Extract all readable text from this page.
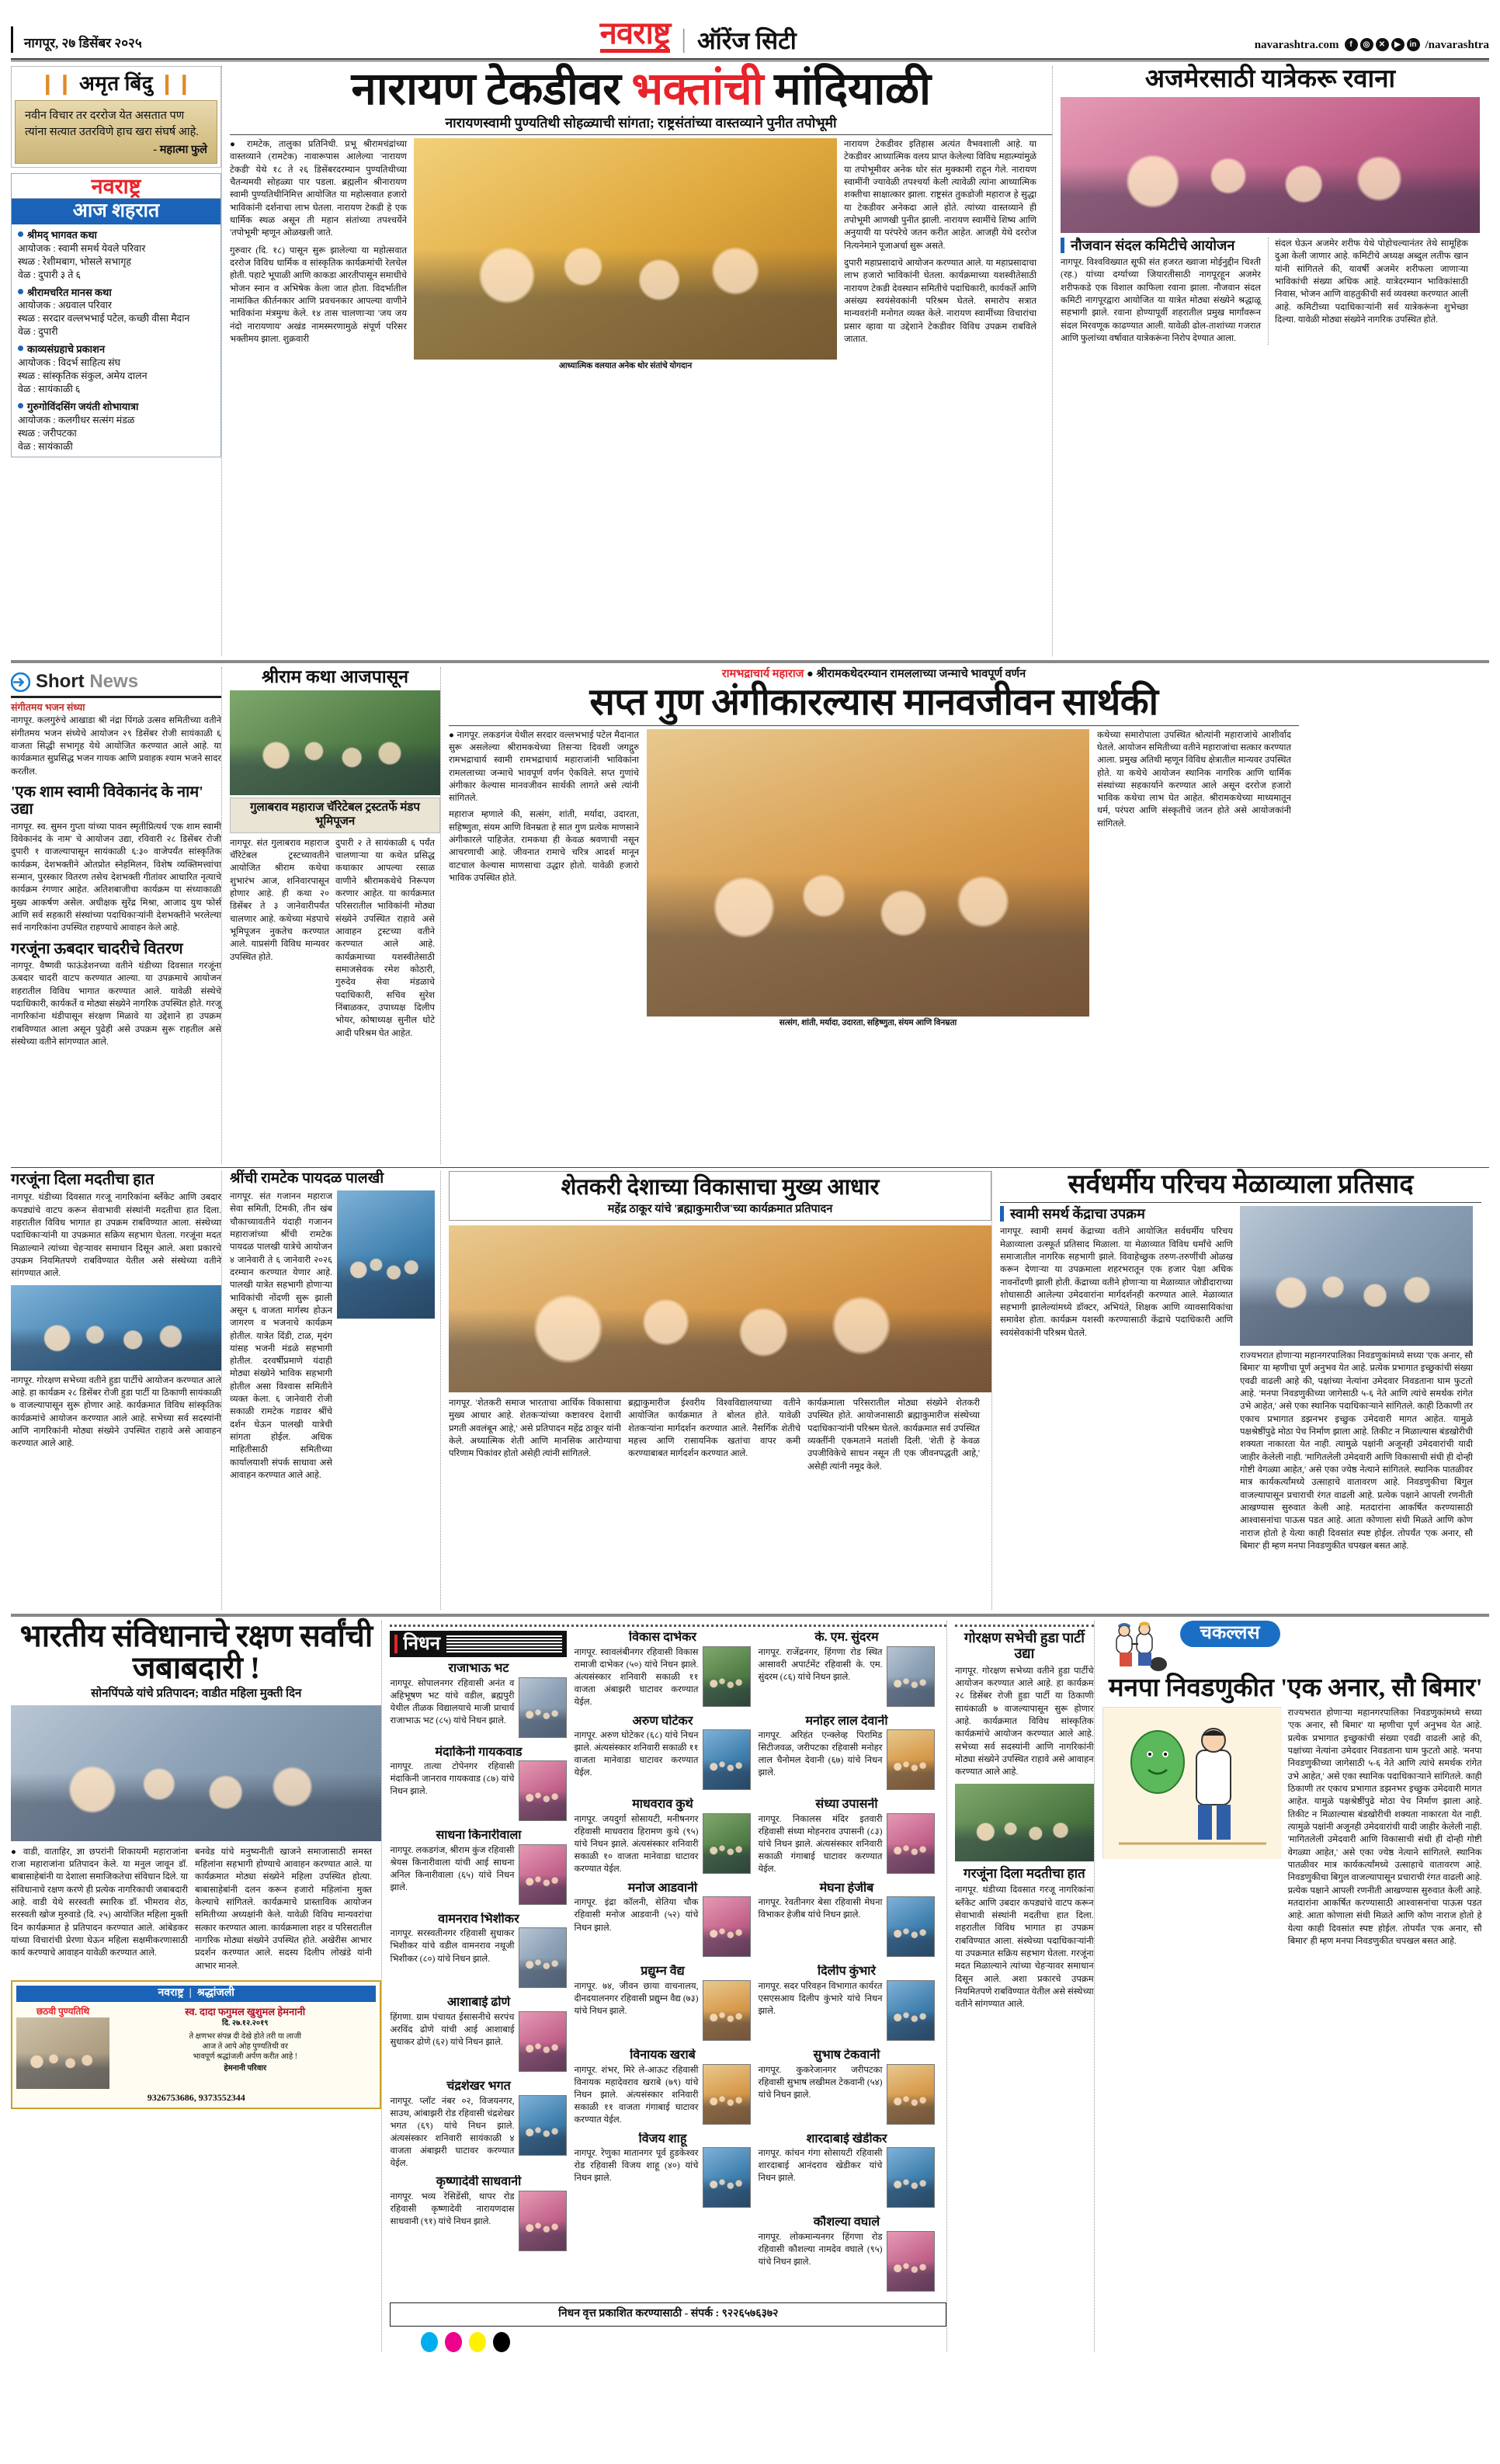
नागपूर, २७ डिसेंबर २०२५	नवराष्ट्र | ऑरेंज सिटी	navarashtra.com	f	◎	✕	▶	in /navarashtra
❙❙ अमृत बिंदु ❙❙
नवीन विचार तर दररोज येत असतात पण त्यांना सत्यात उतरविणे हाच खरा संघर्ष आहे.
- महात्मा फुले
नवराष्ट्र
आज शहरात
श्रीमद् भागवत कथा
आयोजक : स्वामी समर्थ येवले परिवार
स्थळ : रेशीमबाग, भोसले सभागृह
वेळ : दुपारी ३ ते ६
श्रीरामचरित मानस कथा
आयोजक : अग्रवाल परिवार
स्थळ : सरदार वल्लभभाई पटेल, कच्छी वीसा मैदान
वेळ : दुपारी
काव्यसंग्रहाचे प्रकाशन
आयोजक : विदर्भ साहित्य संघ
स्थळ : सांस्कृतिक संकुल, अमेय दालन
वेळ : सायंकाळी ६
गुरुगोविंदसिंग जयंती शोभायात्रा
आयोजक : कलगीधर सत्संग मंडळ
स्थळ : जरीपटका
वेळ : सायंकाळी
नारायण टेकडीवर भक्तांची मांदियाळी
नारायणस्वामी पुण्यतिथी सोहळ्याची सांगता; राष्ट्रसंतांच्या वास्तव्याने पुनीत तपोभूमी

● रामटेक, तालुका प्रतिनिधी. प्रभू श्रीरामचंद्रांच्या वास्तव्याने (रामटेक) नावारूपास आलेल्या 'नारायण टेकडी' येथे १८ ते २६ डिसेंबरदरम्यान पुण्यतिथीच्या चैतन्यमयी सोहळ्या पार पडला. ब्रह्मलीन श्रीनारायण स्वामी पुण्यतिथीनिमित्त आयोजित या महोत्सवात हजारो भाविकांनी दर्शनाचा लाभ घेतला. नारायण टेकडी हे एक धार्मिक स्थळ असून ती महान संतांच्या तपश्चर्येने 'तपोभूमी' म्हणून ओळखली जाते.

गुरुवार (दि. १८) पासून सुरू झालेल्या या महोत्सवात दररोज विविध धार्मिक व सांस्कृतिक कार्यक्रमांची रेलचेल होती. पहाटे भूपाळी आणि काकडा आरतीपासून समाधीचे भोजन स्नान व अभिषेक केला जात होता. विदर्भातील नामांकित कीर्तनकार आणि प्रवचनकार आपल्या वाणीने भाविकांना मंत्रमुग्ध केले. १४ तास चालणाऱ्या 'जय जय नंदो नारायणाय' अखंड नामस्मरणामुळे संपूर्ण परिसर भक्तीमय झाला. शुक्रवारी

आध्यात्मिक वलयात अनेक थोर संतांचे योगदान

नारायण टेकडीवर इतिहास अत्यंत वैभवशाली आहे. या टेकडीवर आध्यात्मिक वलय प्राप्त केलेल्या विविध महात्म्यांमुळे या तपोभूमीवर अनेक थोर संत मुक्कामी राहून गेले. नारायण स्वामींनी ज्यावेळी तपश्चर्या केली त्यावेळी त्यांना आध्यात्मिक शक्तीचा साक्षात्कार झाला. राष्ट्रसंत तुकडोजी महाराज हे सुद्धा या टेकडीवर अनेकदा आले होते. त्यांच्या वास्तव्याने ही तपोभूमी आणखी पुनीत झाली. नारायण स्वामींचे शिष्य आणि अनुयायी या परंपरेचे जतन करीत आहेत. आजही येथे दररोज नित्यनेमाने पूजाअर्चा सुरू असते.

दुपारी महाप्रसादाचे आयोजन करण्यात आले. या महाप्रसादाचा लाभ हजारो भाविकांनी घेतला. कार्यक्रमाच्या यशस्वीतेसाठी नारायण टेकडी देवस्थान समितीचे पदाधिकारी, कार्यकर्ते आणि असंख्य स्वयंसेवकांनी परिश्रम घेतले. समारोप सत्रात मान्यवरांनी मनोगत व्यक्त केले. नारायण स्वामींच्या विचारांचा प्रसार व्हावा या उद्देशाने टेकडीवर विविध उपक्रम राबविले जातात.

अजमेरसाठी यात्रेकरू रवाना
नौजवान संदल कमिटीचे आयोजन

नागपूर. विश्वविख्यात सूफी संत हजरत ख्वाजा मोईनुद्दीन चिश्ती (रह.) यांच्या दर्ग्याच्या जियारतीसाठी नागपूरहून अजमेर शरीफकडे एक विशाल काफिला रवाना झाला. नौजवान संदल कमिटी नागपूरद्वारा आयोजित या यात्रेत मोठ्या संख्येने श्रद्धाळू सहभागी झाले. रवाना होण्यापूर्वी शहरातील प्रमुख मार्गांवरून संदल मिरवणूक काढण्यात आली. यावेळी ढोल-ताशांच्या गजरात आणि फुलांच्या वर्षावात यात्रेकरूंना निरोप देण्यात आला.

संदल घेऊन अजमेर शरीफ येथे पोहोचल्यानंतर तेथे सामूहिक दुआ केली जाणार आहे. कमिटीचे अध्यक्ष अब्दुल लतीफ खान यांनी सांगितले की, यावर्षी अजमेर शरीफला जाणाऱ्या भाविकांची संख्या अधिक आहे. यात्रेदरम्यान भाविकांसाठी निवास, भोजन आणि वाहतुकीची सर्व व्यवस्था करण्यात आली आहे. कमिटीच्या पदाधिकाऱ्यांनी सर्व यात्रेकरूंना शुभेच्छा दिल्या. यावेळी मोठ्या संख्येने नागरिक उपस्थित होते.

Short News
संगीतमय भजन संध्या

नागपूर. कलगुरुंचे आखाडा श्री नंद्रा पिंगळे उत्सव समितीच्या वतीने संगीतमय भजन संध्येचे आयोजन २९ डिसेंबर रोजी सायंकाळी ६ वाजता सिद्धी सभागृह येथे आयोजित करण्यात आले आहे. या कार्यक्रमात सुप्रसिद्ध भजन गायक आणि प्रवाहक श्याम भजने सादर करतील.

'एक शाम स्वामी विवेकानंद के नाम' उद्या

नागपूर. स्व. सुमन गुप्ता यांच्या पावन स्मृतीप्रित्यर्थ 'एक शाम स्वामी विवेकानंद के नाम' चे आयोजन उद्या, रविवारी २८ डिसेंबर रोजी दुपारी १ वाजल्यापासून सायंकाळी ६:३० वाजेपर्यंत सांस्कृतिक कार्यक्रम, देशभक्तीने ओतप्रोत स्नेहमिलन, विशेष व्यक्तिमत्त्वांचा सन्मान, पुरस्कार वितरण तसेच देशभक्ती गीतांवर आधारित नृत्याचे कार्यक्रम रंगणार आहेत. अतिशबाजीचा कार्यक्रम या संध्याकाळी मुख्य आकर्षण असेल. अधीक्षक सुरेंद्र मिश्रा, आजाद युथ फोर्स आणि सर्व सहकारी संस्थांच्या पदाधिकाऱ्यांनी देशभक्तीने भरलेल्या सर्व नागरिकांना उपस्थित राहण्याचे आवाहन केले आहे.

गरजूंना ऊबदार चादरीचे वितरण

नागपूर. वैष्णवी फाऊंडेशनच्या वतीने थंडीच्या दिवसात गरजूंना ऊबदार चादरी वाटप करण्यात आल्या. या उपक्रमाचे आयोजन शहरातील विविध भागात करण्यात आले. यावेळी संस्थेचे पदाधिकारी, कार्यकर्ते व मोठ्या संख्येने नागरिक उपस्थित होते. गरजू नागरिकांना थंडीपासून संरक्षण मिळावे या उद्देशाने हा उपक्रम राबविण्यात आला असून पुढेही असे उपक्रम सुरू राहतील असे संस्थेच्या वतीने सांगण्यात आले.

श्रीराम कथा आजपासून
गुलाबराव महाराज चॅरिटेबल ट्रस्टतर्फे मंडप भूमिपूजन

नागपूर. संत गुलाबराव महाराज चॅरिटेबल ट्रस्टच्यावतीने आयोजित श्रीराम कथेचा शुभारंभ आज, शनिवारपासून होणार आहे. ही कथा २० डिसेंबर ते ३ जानेवारीपर्यंत चालणार आहे. कथेच्या मंडपाचे भूमिपूजन नुकतेच करण्यात आले. याप्रसंगी विविध मान्यवर उपस्थित होते.

दुपारी २ ते सायंकाळी ६ पर्यंत चालणाऱ्या या कथेत प्रसिद्ध कथाकार आपल्या रसाळ वाणीने श्रीरामकथेचे निरूपण करणार आहेत. या कार्यक्रमात परिसरातील भाविकांनी मोठ्या संख्येने उपस्थित राहावे असे आवाहन ट्रस्टच्या वतीने करण्यात आले आहे. कार्यक्रमाच्या यशस्वीतेसाठी समाजसेवक रमेश कोठारी, गुरुदेव सेवा मंडळाचे पदाधिकारी, सचिव सुरेश निंबाळकर, उपाध्यक्ष दिलीप भोयर, कोषाध्यक्ष सुनील धोटे आदी परिश्रम घेत आहेत.

रामभद्राचार्य महाराज ● श्रीरामकथेदरम्यान रामललाच्या जन्माचे भावपूर्ण वर्णन
सप्त गुण अंगीकारल्यास मानवजीवन सार्थकी

● नागपूर. लकडगंज येथील सरदार वल्लभभाई पटेल मैदानात सुरू असलेल्या श्रीरामकथेच्या तिसऱ्या दिवशी जगद्गुरु रामभद्राचार्य स्वामी रामभद्राचार्य महाराजांनी भाविकांना रामललाच्या जन्माचे भावपूर्ण वर्णन ऐकविले. सप्त गुणांचे अंगीकार केल्यास मानवजीवन सार्थकी लागते असे त्यांनी सांगितले.

महाराज म्हणाले की, सत्संग, शांती, मर्यादा, उदारता, सहिष्णुता, संयम आणि विनम्रता हे सात गुण प्रत्येक माणसाने अंगीकारले पाहिजेत. रामकथा ही केवळ श्रवणाची नसून आचरणाची आहे. जीवनात रामाचे चरित्र आदर्श मानून वाटचाल केल्यास माणसाचा उद्धार होतो. यावेळी हजारो भाविक उपस्थित होते.

सत्संग, शांती, मर्यादा, उदारता, सहिष्णुता, संयम आणि विनम्रता

कथेच्या समारोपाला उपस्थित श्रोत्यांनी महाराजांचे आशीर्वाद घेतले. आयोजन समितीच्या वतीने महाराजांचा सत्कार करण्यात आला. प्रमुख अतिथी म्हणून विविध क्षेत्रातील मान्यवर उपस्थित होते. या कथेचे आयोजन स्थानिक नागरिक आणि धार्मिक संस्थांच्या सहकार्याने करण्यात आले असून दररोज हजारो भाविक कथेचा लाभ घेत आहेत. श्रीरामकथेच्या माध्यमातून धर्म, परंपरा आणि संस्कृतीचे जतन होते असे आयोजकांनी सांगितले.

गरजूंना दिला मदतीचा हात

नागपूर. थंडीच्या दिवसात गरजू नागरिकांना ब्लँकेट आणि उबदार कपड्यांचे वाटप करून सेवाभावी संस्थांनी मदतीचा हात दिला. शहरातील विविध भागात हा उपक्रम राबविण्यात आला. संस्थेच्या पदाधिकाऱ्यांनी या उपक्रमात सक्रिय सहभाग घेतला. गरजूंना मदत मिळाल्याने त्यांच्या चेहऱ्यावर समाधान दिसून आले. अशा प्रकारचे उपक्रम नियमितपणे राबविण्यात येतील असे संस्थेच्या वतीने सांगण्यात आले.

नागपूर. गोरक्षण सभेच्या वतीने हुडा पार्टीचे आयोजन करण्यात आले आहे. हा कार्यक्रम २८ डिसेंबर रोजी हुडा पार्टी या ठिकाणी सायंकाळी ७ वाजल्यापासून सुरू होणार आहे. कार्यक्रमात विविध सांस्कृतिक कार्यक्रमांचे आयोजन करण्यात आले आहे. सभेच्या सर्व सदस्यांनी आणि नागरिकांनी मोठ्या संख्येने उपस्थित राहावे असे आवाहन करण्यात आले आहे.

श्रींची रामटेक पायदळ पालखी

नागपूर. संत गजानन महाराज सेवा समिती, टिमकी, तीन खंब चौकाच्यावतीने यंदाही गजानन महाराजांच्या श्रींची रामटेक पायदळ पालखी यात्रेचे आयोजन ४ जानेवारी ते ६ जानेवारी २०२६ दरम्यान करण्यात येणार आहे. पालखी यात्रेत सहभागी होणाऱ्या भाविकांची नोंदणी सुरू झाली असून ६ वाजता मार्गस्थ होऊन जागरण व भजनाचे कार्यक्रम होतील. यात्रेत दिंडी, टाळ, मृदंग यांसह भजनी मंडळे सहभागी होतील. दरवर्षीप्रमाणे यंदाही मोठ्या संख्येने भाविक सहभागी होतील असा विश्वास समितीने व्यक्त केला. ६ जानेवारी रोजी सकाळी रामटेक गडावर श्रींचे दर्शन घेऊन पालखी यात्रेची सांगता होईल. अधिक माहितीसाठी समितीच्या कार्यालयाशी संपर्क साधावा असे आवाहन करण्यात आले आहे.

शेतकरी देशाच्या विकासाचा मुख्य आधार
महेंद्र ठाकूर यांचे 'ब्रह्माकुमारीज'च्या कार्यक्रमात प्रतिपादन

नागपूर. 'शेतकरी समाज भारताचा आर्थिक विकासाचा मुख्य आधार आहे. शेतकऱ्यांच्या कष्टावरच देशाची प्रगती अवलंबून आहे,' असे प्रतिपादन महेंद्र ठाकूर यांनी केले. अध्यात्मिक शेती आणि मानसिक आरोग्याचा परिणाम पिकांवर होतो असेही त्यांनी सांगितले.

ब्रह्माकुमारीज ईश्वरीय विश्वविद्यालयाच्या वतीने आयोजित कार्यक्रमात ते बोलत होते. यावेळी शेतकऱ्यांना मार्गदर्शन करण्यात आले. नैसर्गिक शेतीचे महत्त्व आणि रासायनिक खतांचा वापर कमी करण्याबाबत मार्गदर्शन करण्यात आले.

कार्यक्रमाला परिसरातील मोठ्या संख्येने शेतकरी उपस्थित होते. आयोजनासाठी ब्रह्माकुमारीज संस्थेच्या पदाधिकाऱ्यांनी परिश्रम घेतले. कार्यक्रमात सर्व उपस्थित व्यक्तींनी एकमताने मतांशी दिली. 'शेती हे केवळ उपजीविकेचे साधन नसून ती एक जीवनपद्धती आहे,' असेही त्यांनी नमूद केले.

सर्वधर्मीय परिचय मेळाव्याला प्रतिसाद
स्वामी समर्थ केंद्राचा उपक्रम

नागपूर. स्वामी समर्थ केंद्राच्या वतीने आयोजित सर्वधर्मीय परिचय मेळाव्याला उत्स्फूर्त प्रतिसाद मिळाला. या मेळाव्यात विविध धर्मांचे आणि समाजातील नागरिक सहभागी झाले. विवाहेच्छुक तरुण-तरुणींची ओळख करून देणाऱ्या या उपक्रमाला शहरभरातून एक हजार पेक्षा अधिक नावनोंदणी झाली होती. केंद्राच्या वतीने होणाऱ्या या मेळाव्यात जोडीदाराच्या शोधासाठी आलेल्या उमेदवारांना मार्गदर्शनही करण्यात आले. मेळाव्यात सहभागी झालेल्यांमध्ये डॉक्टर, अभियंते, शिक्षक आणि व्यावसायिकांचा समावेश होता. कार्यक्रम यशस्वी करण्यासाठी केंद्राचे पदाधिकारी आणि स्वयंसेवकांनी परिश्रम घेतले.

राज्यभरात होणाऱ्या महानगरपालिका निवडणुकांमध्ये सध्या 'एक अनार, सौ बिमार' या म्हणीचा पूर्ण अनुभव येत आहे. प्रत्येक प्रभागात इच्छुकांची संख्या एवढी वाढली आहे की, पक्षांच्या नेत्यांना उमेदवार निवडताना घाम फुटतो आहे. 'मनपा निवडणुकीच्या जागेसाठी ५-६ नेते आणि त्यांचे समर्थक रांगेत उभे आहेत,' असे एका स्थानिक पदाधिकाऱ्याने सांगितले. काही ठिकाणी तर एकाच प्रभागात डझनभर इच्छुक उमेदवारी मागत आहेत. यामुळे पक्षश्रेष्ठींपुढे मोठा पेच निर्माण झाला आहे. तिकीट न मिळाल्यास बंडखोरीची शक्यता नाकारता येत नाही. त्यामुळे पक्षांनी अजूनही उमेदवारांची यादी जाहीर केलेली नाही. 'मागितलेली उमेदवारी आणि विकासाची संधी ही दोन्ही गोष्टी वेगळ्या आहेत,' असे एका ज्येष्ठ नेत्याने सांगितले. स्थानिक पातळीवर मात्र कार्यकर्त्यांमध्ये उत्साहाचे वातावरण आहे. निवडणुकीचा बिगुल वाजल्यापासून प्रचाराची रंगत वाढली आहे. प्रत्येक पक्षाने आपली रणनीती आखण्यास सुरुवात केली आहे. मतदारांना आकर्षित करण्यासाठी आश्वासनांचा पाऊस पडत आहे. आता कोणाला संधी मिळते आणि कोण नाराज होतो हे येत्या काही दिवसांत स्पष्ट होईल. तोपर्यंत 'एक अनार, सौ बिमार' ही म्हण मनपा निवडणुकीत चपखल बसत आहे.

भारतीय संविधानाचे रक्षण सर्वांची जबाबदारी !
सोनपिंपळे यांचे प्रतिपादन; वाडीत महिला मुक्ती दिन

● वाडी, वाताहिर, ज्ञा छपरांनी शिकायमी महाराजांना राजा महाराजांना प्रतिपादन केले. या मनुल जावून डॉ. बाबासाहेबांनी या देशाला समाजिकतेचा संविधान दिले. या संविधानाचे रक्षण करणे ही प्रत्येक नागरिकाची जबाबदारी आहे. वाडी येथे सरस्वती स्मारिक डॉ. भीमराव शेठ, सरस्वती खोज मुरुवाडे (दि. २५) आयोजित महिला मुक्ती दिन कार्यक्रमात हे प्रतिपादन करण्यात आले. आंबेडकर यांच्या विचारांची प्रेरणा घेऊन महिला सक्षमीकरणासाठी कार्य करण्याचे आवाहन यावेळी करण्यात आले.

बनवेड यांचे मनुष्यनीती खाजने समाजासाठी समस्त महिलांना सहभागी होण्याचे आवाहन करण्यात आले. या कार्यक्रमात मोठ्या संख्येने महिला उपस्थित होत्या. बाबासाहेबांनी दलन करून हजारो महिलांना मुक्त केल्याचे सांगितले. कार्यक्रमाचे प्रास्ताविक आयोजन समितीच्या अध्यक्षांनी केले. यावेळी विविध मान्यवरांचा सत्कार करण्यात आला. कार्यक्रमाला शहर व परिसरातील नागरिक मोठ्या संख्येने उपस्थित होते. अखेरीस आभार प्रदर्शन करण्यात आले. सदस्य दिलीप लोखंडे यांनी आभार मानले.

नवराष्ट्र  |  श्रद्धांजली
छठवी पुण्यतिथि	स्व. दादा फगुमल खुशुमल हेमनानी
दि. २७.१२.२०१९
ते क्षणभर संपन्न दी देखे होते तरी या लाजी
आज ते आपे ओह पुण्यतिथी वर
भावपूर्ण श्रद्धांजली अर्पण करीत आहे !
हेमनानी परिवार
9326753686, 9373552344
निधन
राजाभाऊ भट
नागपूर. सोपालनगर रहिवासी अनंत व अहिभूषण भट यांचे वडील, ब्रह्मपुरी येथील तीळक विद्यालयाचे माजी प्राचार्य राजाभाऊ भट (८५) यांचे निधन झाले.
मंदाकिनी गायकवाड
नागपूर. तात्या टोपेनगर रहिवासी मंदाकिनी जानराव गायकवाड (८७) यांचे निधन झाले.
साधना किनारीवाला
नागपूर. लकडगंज, श्रीराम कुंज रहिवासी श्रेयस किनारीवाला यांची आई साधना अनिल किनारीवाला (६५) यांचे निधन झाले.
वामनराव भिशीकर
नागपूर. सरस्वतीनगर रहिवासी सुधाकर भिशीकर यांचे वडील वामनराव नथूजी भिशीकर (८०) यांचे निधन झाले.
आशाबाई ढोणे
हिंगणा. ग्राम पंचायत ईसासनीचे सरपंच अरविंद ढोणे यांची आई आशाबाई सुधाकर ढोणे (६२) यांचे निधन झाले.
चंद्रशेखर भगत
नागपूर. प्लॉट नंबर ०२, विजयनगर, साउथ, आंबाझरी रोड रहिवासी चंद्रशेखर भगत (६९) यांचे निधन झाले. अंत्यसंस्कार शनिवारी सायंकाळी ४ वाजता अंबाझरी घाटावर करण्यात येईल.
कृष्णादेवी साधवानी
नागपूर. भव्य रेसिडेंसी, थापर रोड रहिवासी कृष्णादेवी नारायणदास साधवानी (९१) यांचे निधन झाले.
विकास दाभेकर
नागपूर. स्वावलंबीनगर रहिवासी विकास रामाजी दाभेकर (५०) यांचे निधन झाले. अंत्यसंस्कार शनिवारी सकाळी ११ वाजता अंबाझरी घाटावर करण्यात येईल.
अरुण घोटेकर
नागपूर. अरुण घोटेकर (६८) यांचे निधन झाले. अंत्यसंस्कार शनिवारी सकाळी ११ वाजता मानेवाडा घाटावर करण्यात येईल.
माधवराव कुथे
नागपूर. जयदुर्गा सोसायटी, मनीषनगर रहिवासी माधवराव हिरामण कुथे (९५) यांचे निधन झाले. अंत्यसंस्कार शनिवारी सकाळी १० वाजता मानेवाडा घाटावर करण्यात येईल.
मनोज आडवानी
नागपूर. इंद्रा कॉलनी, सेतिया चौक रहिवासी मनोज आडवानी (५२) यांचे निधन झाले.
प्रद्युम्न वैद्य
नागपूर. ७४, जीवन छाया वाचनालय, दीनदयालनगर रहिवासी प्रद्युम्न वैद्य (७३) यांचे निधन झाले.
विनायक खराबे
नागपूर. शंभर, मिरे ले-आऊट रहिवासी विनायक महादेवराव खराबे (७९) यांचे निधन झाले. अंत्यसंस्कार शनिवारी सकाळी ११ वाजता गंगाबाई घाटावर करण्यात येईल.
विजय शाहू
नागपूर. रेणुका मातानगर पूर्व हुडकेश्वर रोड रहिवासी विजय शाहू (४०) यांचे निधन झाले.
के. एम. सुंदरम
नागपूर. राजेंद्रनगर, हिंगणा रोड स्थित आसावरी अपार्टमेंट रहिवासी के. एम. सुंदरम (८६) यांचे निधन झाले.
मनोहर लाल देवानी
नागपूर. अरिहंत एन्क्लेव्ह पिरामिड सिटीजवळ, जरीपटका रहिवासी मनोहर लाल चैनोमल देवानी (६७) यांचे निधन झाले.
संध्या उपासनी
नागपूर. निकालस मंदिर इतवारी रहिवासी संध्या मोहनराव उपासनी (८३) यांचे निधन झाले. अंत्यसंस्कार शनिवारी सकाळी गंगाबाई घाटावर करण्यात येईल.
मेघना हेजीब
नागपूर. रेवतीनगर बेसा रहिवासी मेघना विभाकर हेजीब यांचे निधन झाले.
दिलीप कुंभारे
नागपूर. सदर परिवहन विभागात कार्यरत एसएसआय दिलीप कुंभारे यांचे निधन झाले.
सुभाष टेकवानी
नागपूर. कुकरेजानगर जरीपटका रहिवासी सुभाष लखीमल टेकवानी (५४) यांचे निधन झाले.
शारदाबाई खेडीकर
नागपूर. कांचन गंगा सोसायटी रहिवासी शारदाबाई आनंदराव खेडीकर यांचे निधन झाले.
कौशल्या वघाले
नागपूर. लोकमान्यनगर हिंगणा रोड रहिवासी कौशल्या नामदेव वघाले (९५) यांचे निधन झाले.
निधन वृत्त प्रकाशित करण्यासाठी - संपर्क : ९२२६५७६३७२
गोरक्षण सभेची हुडा पार्टी उद्या

नागपूर. गोरक्षण सभेच्या वतीने हुडा पार्टीचे आयोजन करण्यात आले आहे. हा कार्यक्रम २८ डिसेंबर रोजी हुडा पार्टी या ठिकाणी सायंकाळी ७ वाजल्यापासून सुरू होणार आहे. कार्यक्रमात विविध सांस्कृतिक कार्यक्रमांचे आयोजन करण्यात आले आहे. सभेच्या सर्व सदस्यांनी आणि नागरिकांनी मोठ्या संख्येने उपस्थित राहावे असे आवाहन करण्यात आले आहे.

गरजूंना दिला मदतीचा हात

नागपूर. थंडीच्या दिवसात गरजू नागरिकांना ब्लँकेट आणि उबदार कपड्यांचे वाटप करून सेवाभावी संस्थांनी मदतीचा हात दिला. शहरातील विविध भागात हा उपक्रम राबविण्यात आला. संस्थेच्या पदाधिकाऱ्यांनी या उपक्रमात सक्रिय सहभाग घेतला. गरजूंना मदत मिळाल्याने त्यांच्या चेहऱ्यावर समाधान दिसून आले. अशा प्रकारचे उपक्रम नियमितपणे राबविण्यात येतील असे संस्थेच्या वतीने सांगण्यात आले.

चकल्लस
मनपा निवडणुकीत 'एक अनार, सौ बिमार'

राज्यभरात होणाऱ्या महानगरपालिका निवडणुकांमध्ये सध्या 'एक अनार, सौ बिमार' या म्हणीचा पूर्ण अनुभव येत आहे. प्रत्येक प्रभागात इच्छुकांची संख्या एवढी वाढली आहे की, पक्षांच्या नेत्यांना उमेदवार निवडताना घाम फुटतो आहे. 'मनपा निवडणुकीच्या जागेसाठी ५-६ नेते आणि त्यांचे समर्थक रांगेत उभे आहेत,' असे एका स्थानिक पदाधिकाऱ्याने सांगितले. काही ठिकाणी तर एकाच प्रभागात डझनभर इच्छुक उमेदवारी मागत आहेत. यामुळे पक्षश्रेष्ठींपुढे मोठा पेच निर्माण झाला आहे. तिकीट न मिळाल्यास बंडखोरीची शक्यता नाकारता येत नाही. त्यामुळे पक्षांनी अजूनही उमेदवारांची यादी जाहीर केलेली नाही. 'मागितलेली उमेदवारी आणि विकासाची संधी ही दोन्ही गोष्टी वेगळ्या आहेत,' असे एका ज्येष्ठ नेत्याने सांगितले. स्थानिक पातळीवर मात्र कार्यकर्त्यांमध्ये उत्साहाचे वातावरण आहे. निवडणुकीचा बिगुल वाजल्यापासून प्रचाराची रंगत वाढली आहे. प्रत्येक पक्षाने आपली रणनीती आखण्यास सुरुवात केली आहे. मतदारांना आकर्षित करण्यासाठी आश्वासनांचा पाऊस पडत आहे. आता कोणाला संधी मिळते आणि कोण नाराज होतो हे येत्या काही दिवसांत स्पष्ट होईल. तोपर्यंत 'एक अनार, सौ बिमार' ही म्हण मनपा निवडणुकीत चपखल बसत आहे.
